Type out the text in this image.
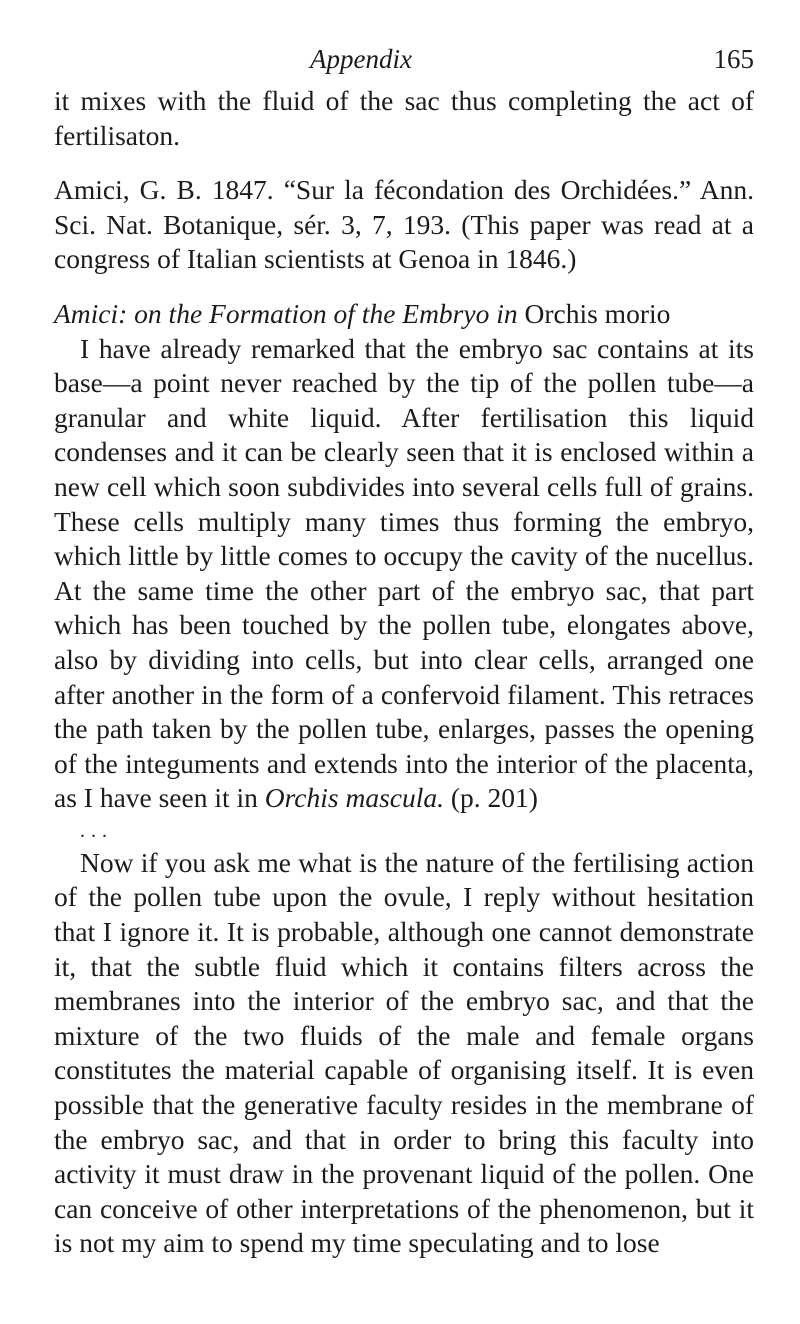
Appendix	165

it mixes with the fluid of the sac thus completing the act of fertilisaton.

Amici, G. B. 1847. “Sur la fécondation des Orchidées.” Ann. Sci. Nat. Botanique, sér. 3, 7, 193. (This paper was read at a congress of Italian scientists at Genoa in 1846.)

Amici: on the Formation of the Embryo in Orchis morio

I have already remarked that the embryo sac contains at its base—a point never reached by the tip of the pollen tube—a granular and white liquid. After fertilisation this liquid condenses and it can be clearly seen that it is enclosed within a new cell which soon subdivides into several cells full of grains. These cells multiply many times thus forming the embryo, which little by little comes to occupy the cavity of the nucellus. At the same time the other part of the embryo sac, that part which has been touched by the pollen tube, elongates above, also by dividing into cells, but into clear cells, arranged one after another in the form of a confervoid filament. This retraces the path taken by the pollen tube, enlarges, passes the opening of the integuments and extends into the interior of the placenta, as I have seen it in Orchis mascula. (p. 201)

...

Now if you ask me what is the nature of the fertilising action of the pollen tube upon the ovule, I reply without hesitation that I ignore it. It is probable, although one cannot demonstrate it, that the subtle fluid which it contains filters across the membranes into the interior of the embryo sac, and that the mixture of the two fluids of the male and female organs constitutes the material capable of organising itself. It is even possible that the generative faculty resides in the membrane of the embryo sac, and that in order to bring this faculty into activity it must draw in the provenant liquid of the pollen. One can conceive of other interpretations of the phenomenon, but it is not my aim to spend my time speculating and to lose
